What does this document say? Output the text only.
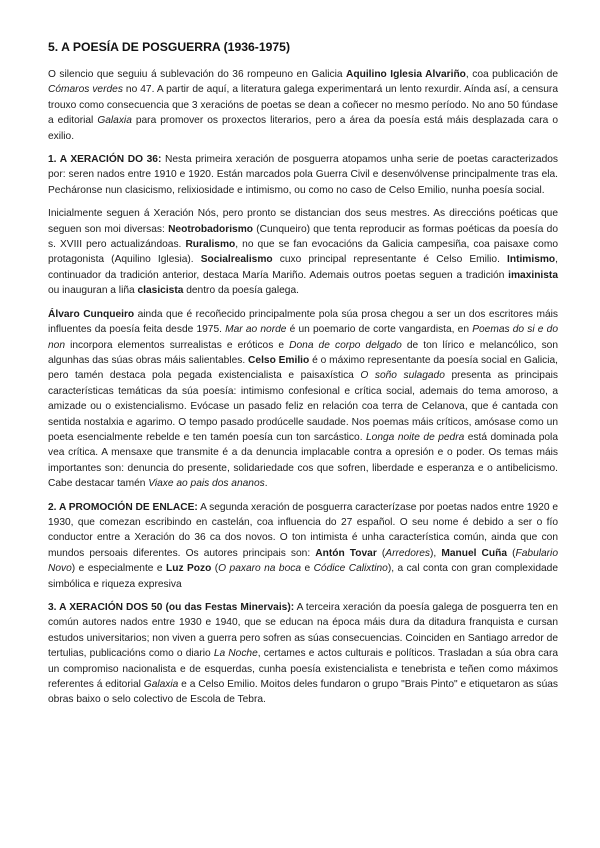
5. A POESÍA DE POSGUERRA (1936-1975)

O silencio que seguiu á sublevación do 36 rompeuno en Galicia Aquilino Iglesia Alvariño, coa publicación de Cómaros verdes no 47. A partir de aquí, a literatura galega experimentará un lento rexurdir. Aínda así, a censura trouxo como consecuencia que 3 xeracións de poetas se dean a coñecer no mesmo período. No ano 50 fúndase a editorial Galaxia para promover os proxectos literarios, pero a área da poesía está máis desplazada cara o exilio.

1. A XERACIÓN DO 36: Nesta primeira xeración de posguerra atopamos unha serie de poetas caracterizados por: seren nados entre 1910 e 1920. Están marcados pola Guerra Civil e desenvólvense principalmente tras ela. Pecháronse nun clasicismo, relixiosidade e intimismo, ou como no caso de Celso Emilio, nunha poesía social.

Inicialmente seguen á Xeración Nós, pero pronto se distancian dos seus mestres. As direccións poéticas que seguen son moi diversas: Neotrobadorismo (Cunqueiro) que tenta reproducir as formas poéticas da poesía do s. XVIII pero actualizándoas. Ruralismo, no que se fan evocacións da Galicia campesiña, coa paisaxe como protagonista (Aquilino Iglesia). Socialrealismo cuxo principal representante é Celso Emilio. Intimismo, continuador da tradición anterior, destaca María Mariño. Ademais outros poetas seguen a tradición imaxinista ou inauguran a liña clasicista dentro da poesía galega.

Álvaro Cunqueiro ainda que é recoñecido principalmente pola súa prosa chegou a ser un dos escritores máis influentes da poesía feita desde 1975. Mar ao norde é un poemario de corte vangardista, en Poemas do si e do non incorpora elementos surrealistas e eróticos e Dona de corpo delgado de ton lírico e melancólico, son algunhas das súas obras máis salientables. Celso Emilio é o máximo representante da poesía social en Galicia, pero tamén destaca pola pegada existencialista e paisaxística O soño sulagado presenta as principais características temáticas da súa poesía: intimismo confesional e crítica social, ademais do tema amoroso, a amizade ou o existencialismo. Evócase un pasado feliz en relación coa terra de Celanova, que é cantada con sentida nostalxia e agarimo. O tempo pasado prodúcelle saudade. Nos poemas máis críticos, amósase como un poeta esencialmente rebelde e ten tamén poesía cun ton sarcástico. Longa noite de pedra está dominada pola vea crítica. A mensaxe que transmite é a da denuncia implacable contra a opresión e o poder. Os temas máis importantes son: denuncia do presente, solidariedade cos que sofren, liberdade e esperanza e o antibelicismo. Cabe destacar tamén Viaxe ao pais dos ananos.

2. A PROMOCIÓN DE ENLACE: A segunda xeración de posguerra caracterízase por poetas nados entre 1920 e 1930, que comezan escribindo en castelán, coa influencia do 27 español. O seu nome é debido a ser o fío conductor entre a Xeración do 36 ca dos novos. O ton intimista é unha característica común, ainda que con mundos persoais diferentes. Os autores principais son: Antón Tovar (Arredores), Manuel Cuña (Fabulario Novo) e especialmente e Luz Pozo (O paxaro na boca e Códice Calixtino), a cal conta con gran complexidade simbólica e riqueza expresiva

3. A XERACIÓN DOS 50 (ou das Festas Minervais): A terceira xeración da poesía galega de posguerra ten en común autores nados entre 1930 e 1940, que se educan na época máis dura da ditadura franquista e cursan estudos universitarios; non viven a guerra pero sofren as súas consecuencias. Coinciden en Santiago arredor de tertulias, publicacións como o diario La Noche, certames e actos culturais e políticos. Trasladan a súa obra cara un compromiso nacionalista e de esquerdas, cunha poesía existencialista e tenebrista e teñen como máximos referentes á editorial Galaxia e a Celso Emilio. Moitos deles fundaron o grupo "Brais Pinto" e etiquetaron as súas obras baixo o selo colectivo de Escola de Tebra.
